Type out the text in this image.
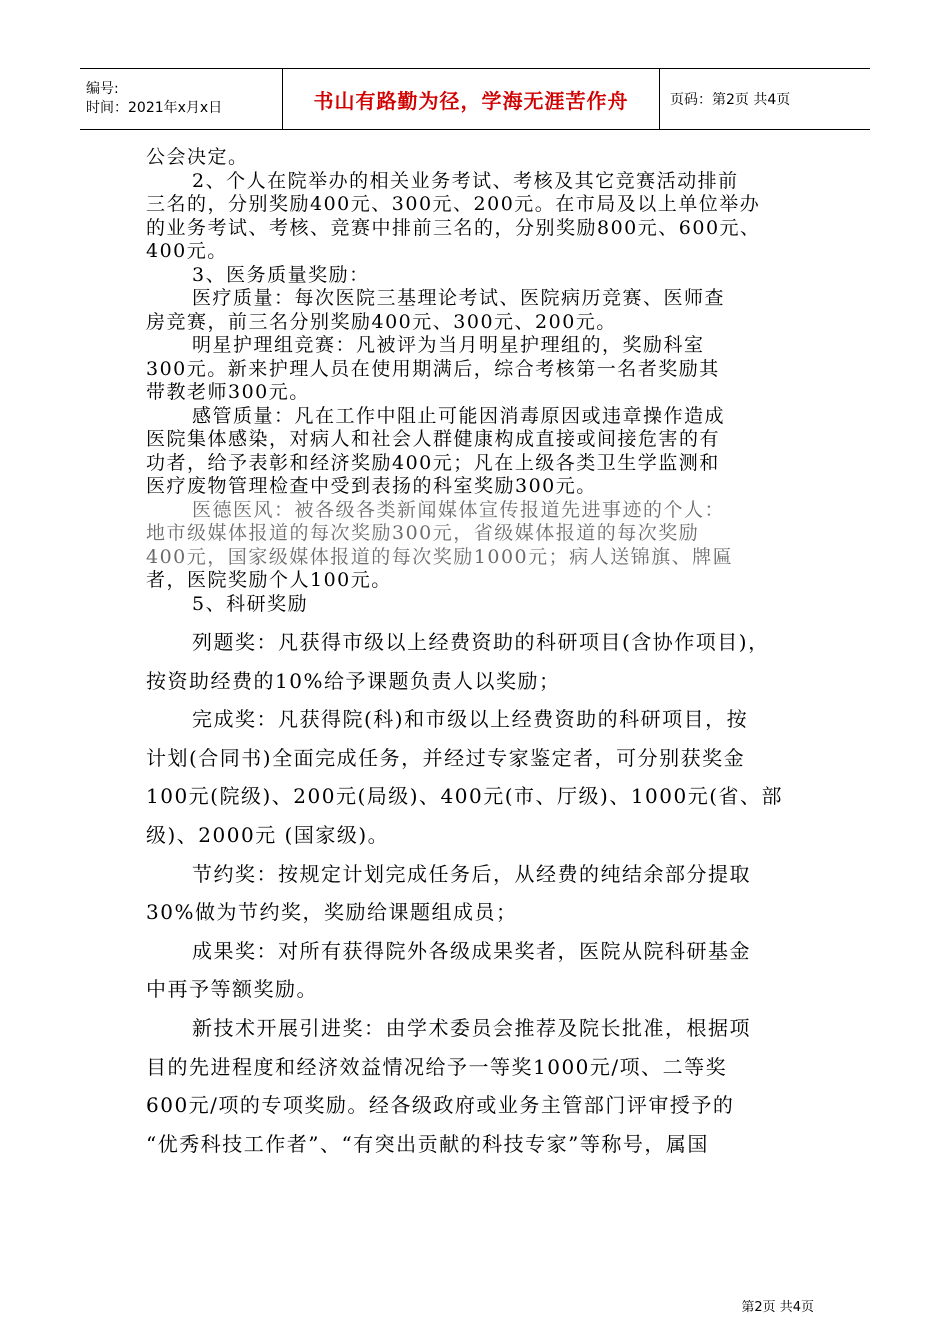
编号:
时间：2021年x月x日	书山有路勤为径，学海无涯苦作舟	页码：第2页 共4页
公会决定。
2、个人在院举办的相关业务考试、考核及其它竞赛活动排前
三名的，分别奖励400元、300元、200元。在市局及以上单位举办
的业务考试、考核、竞赛中排前三名的，分别奖励800元、600元、
400元。
3、医务质量奖励：
医疗质量：每次医院三基理论考试、医院病历竞赛、医师查
房竞赛，前三名分别奖励400元、300元、200元。
明星护理组竞赛：凡被评为当月明星护理组的，奖励科室
300元。新来护理人员在使用期满后，综合考核第一名者奖励其
带教老师300元。
感管质量：凡在工作中阻止可能因消毒原因或违章操作造成
医院集体感染，对病人和社会人群健康构成直接或间接危害的有
功者，给予表彰和经济奖励400元；凡在上级各类卫生学监测和
医疗废物管理检查中受到表扬的科室奖励300元。
医德医风：被各级各类新闻媒体宣传报道先进事迹的个人：
地市级媒体报道的每次奖励300元，省级媒体报道的每次奖励
400元，国家级媒体报道的每次奖励1000元；病人送锦旗、牌匾
者，医院奖励个人100元。
5、科研奖励
列题奖：凡获得市级以上经费资助的科研项目(含协作项目)，
按资助经费的10%给予课题负责人以奖励；
完成奖：凡获得院(科)和市级以上经费资助的科研项目，按
计划(合同书)全面完成任务，并经过专家鉴定者，可分别获奖金
100元(院级)、200元(局级)、400元(市、厅级)、1000元(省、部
级)、2000元 (国家级)。
节约奖：按规定计划完成任务后，从经费的纯结余部分提取
30%做为节约奖，奖励给课题组成员；
成果奖：对所有获得院外各级成果奖者，医院从院科研基金
中再予等额奖励。
新技术开展引进奖：由学术委员会推荐及院长批准，根据项
目的先进程度和经济效益情况给予一等奖1000元/项、二等奖
600元/项的专项奖励。经各级政府或业务主管部门评审授予的
“优秀科技工作者”、“有突出贡献的科技专家”等称号，属国
第2页 共4页
